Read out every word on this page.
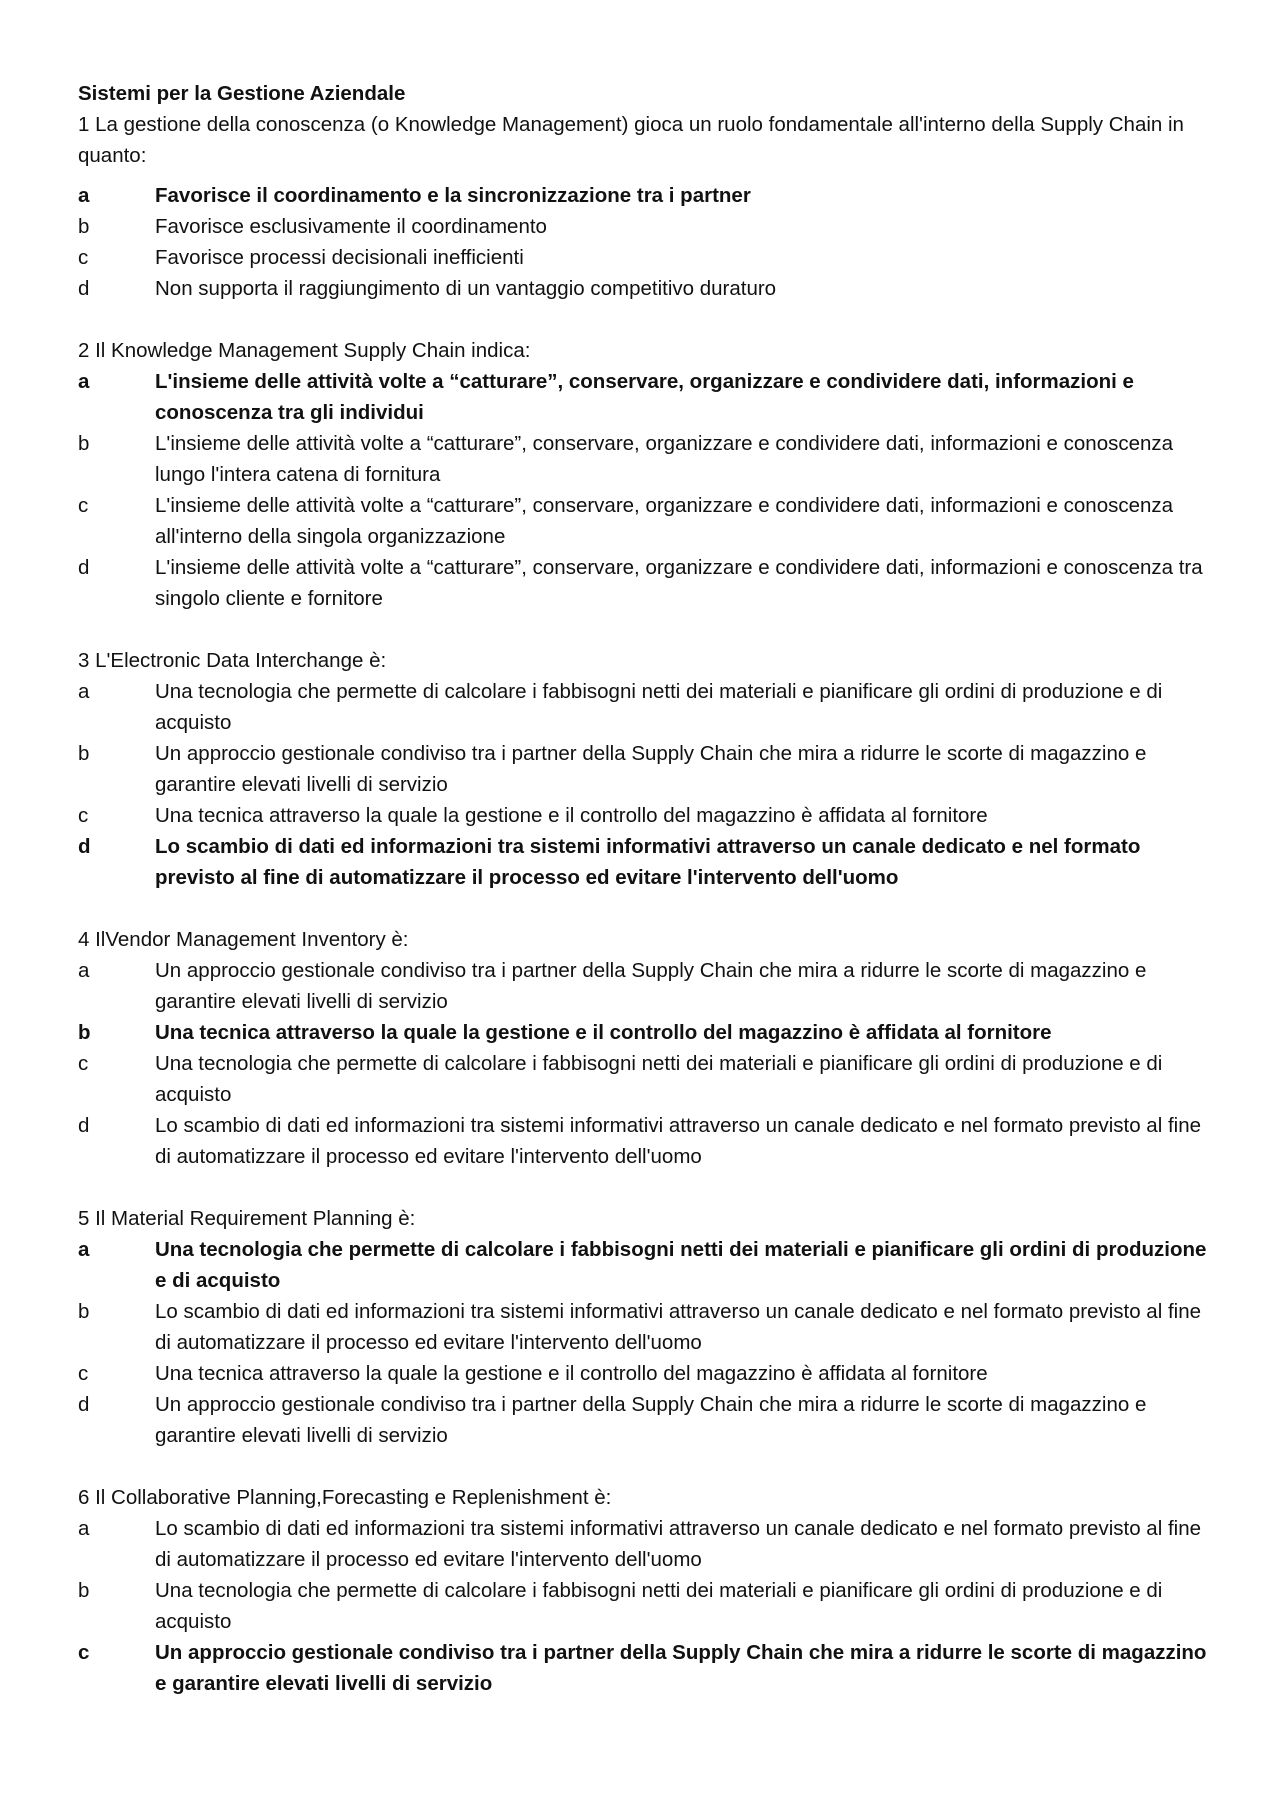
Sistemi per la Gestione Aziendale

1 La gestione della conoscenza (o Knowledge Management) gioca un ruolo fondamentale all'interno della Supply Chain in quanto:

a	Favorisce il coordinamento e la sincronizzazione tra i partner
b	Favorisce esclusivamente il coordinamento
c	Favorisce processi decisionali inefficienti
d	Non supporta il raggiungimento di un vantaggio competitivo duraturo

2 Il Knowledge Management Supply Chain indica:

a	L'insieme delle attività volte a “catturare”, conservare, organizzare e condividere dati, informazioni e conoscenza tra gli individui
b	L'insieme delle attività volte a “catturare”, conservare, organizzare e condividere dati, informazioni e conoscenza lungo l'intera catena di fornitura
c	L'insieme delle attività volte a “catturare”, conservare, organizzare e condividere dati, informazioni e conoscenza all'interno della singola organizzazione
d	L'insieme delle attività volte a “catturare”, conservare, organizzare e condividere dati, informazioni e conoscenza tra singolo cliente e fornitore

3 L'Electronic Data Interchange è:

a	Una tecnologia che permette di calcolare i fabbisogni netti dei materiali e pianificare gli ordini di produzione e di acquisto
b	Un approccio gestionale condiviso tra i partner della Supply Chain che mira a ridurre le scorte di magazzino e garantire elevati livelli di servizio
c	Una tecnica attraverso la quale la gestione e il controllo del magazzino è affidata al fornitore
d	Lo scambio di dati ed informazioni tra sistemi informativi attraverso un canale dedicato e nel formato previsto al fine di automatizzare il processo ed evitare l'intervento dell'uomo

4 IlVendor Management Inventory è:

a	Un approccio gestionale condiviso tra i partner della Supply Chain che mira a ridurre le scorte di magazzino e garantire elevati livelli di servizio
b	Una tecnica attraverso la quale la gestione e il controllo del magazzino è affidata al fornitore
c	Una tecnologia che permette di calcolare i fabbisogni netti dei materiali e pianificare gli ordini di produzione e di acquisto
d	Lo scambio di dati ed informazioni tra sistemi informativi attraverso un canale dedicato e nel formato previsto al fine di automatizzare il processo ed evitare l'intervento dell'uomo

5 Il Material Requirement Planning è:

a	Una tecnologia che permette di calcolare i fabbisogni netti dei materiali e pianificare gli ordini di produzione e di acquisto
b	Lo scambio di dati ed informazioni tra sistemi informativi attraverso un canale dedicato e nel formato previsto al fine di automatizzare il processo ed evitare l'intervento dell'uomo
c	Una tecnica attraverso la quale la gestione e il controllo del magazzino è affidata al fornitore
d	Un approccio gestionale condiviso tra i partner della Supply Chain che mira a ridurre le scorte di magazzino e garantire elevati livelli di servizio

6 Il Collaborative Planning,Forecasting e Replenishment è:

a	Lo scambio di dati ed informazioni tra sistemi informativi attraverso un canale dedicato e nel formato previsto al fine di automatizzare il processo ed evitare l'intervento dell'uomo
b	Una tecnologia che permette di calcolare i fabbisogni netti dei materiali e pianificare gli ordini di produzione e di acquisto
c	Un approccio gestionale condiviso tra i partner della Supply Chain che mira a ridurre le scorte di magazzino e garantire elevati livelli di servizio
